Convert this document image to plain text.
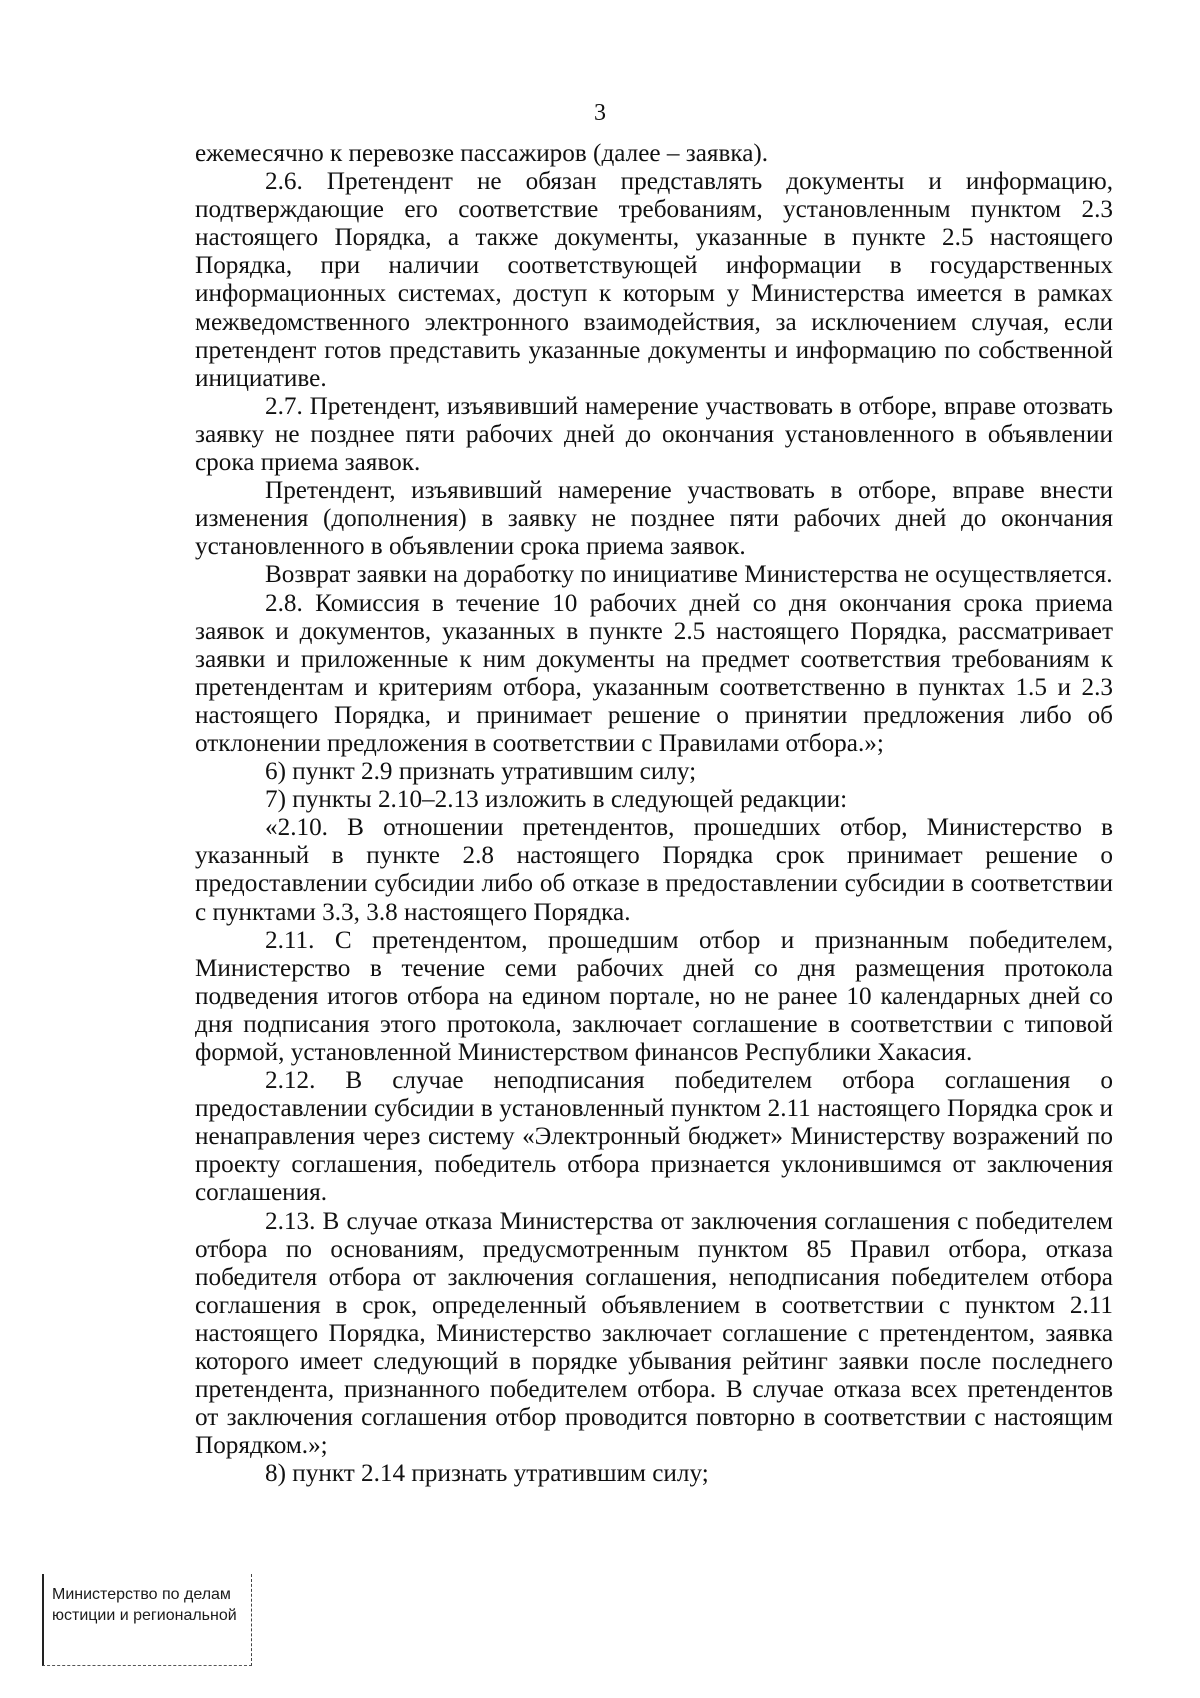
3

ежемесячно к перевозке пассажиров (далее – заявка).

2.6. Претендент не обязан представлять документы и информацию, подтверждающие его соответствие требованиям, установленным пунктом 2.3 настоящего Порядка, а также документы, указанные в пункте 2.5 настоящего Порядка, при наличии соответствующей информации в государственных информационных системах, доступ к которым у Министерства имеется в рамках межведомственного электронного взаимодействия, за исключением случая, если претендент готов представить указанные документы и информацию по собственной инициативе.

2.7. Претендент, изъявивший намерение участвовать в отборе, вправе отозвать заявку не позднее пяти рабочих дней до окончания установленного в объявлении срока приема заявок.

Претендент, изъявивший намерение участвовать в отборе, вправе внести изменения (дополнения) в заявку не позднее пяти рабочих дней до окончания установленного в объявлении срока приема заявок.

Возврат заявки на доработку по инициативе Министерства не осуществляется.

2.8. Комиссия в течение 10 рабочих дней со дня окончания срока приема заявок и документов, указанных в пункте 2.5 настоящего Порядка, рассматривает заявки и приложенные к ним документы на предмет соответствия требованиям к претендентам и критериям отбора, указанным соответственно в пунктах 1.5 и 2.3 настоящего Порядка, и принимает решение о принятии предложения либо об отклонении предложения в соответствии с Правилами отбора.»;

6) пункт 2.9 признать утратившим силу;

7) пункты 2.10–2.13 изложить в следующей редакции:

«2.10. В отношении претендентов, прошедших отбор, Министерство в указанный в пункте 2.8 настоящего Порядка срок принимает решение о предоставлении субсидии либо об отказе в предоставлении субсидии в соответствии с пунктами 3.3, 3.8 настоящего Порядка.

2.11. С претендентом, прошедшим отбор и признанным победителем, Министерство в течение семи рабочих дней со дня размещения протокола подведения итогов отбора на едином портале, но не ранее 10 календарных дней со дня подписания этого протокола, заключает соглашение в соответствии с типовой формой, установленной Министерством финансов Республики Хакасия.

2.12. В случае неподписания победителем отбора соглашения о предоставлении субсидии в установленный пунктом 2.11 настоящего Порядка срок и ненаправления через систему «Электронный бюджет» Министерству возражений по проекту соглашения, победитель отбора признается уклонившимся от заключения соглашения.

2.13. В случае отказа Министерства от заключения соглашения с победителем отбора по основаниям, предусмотренным пунктом 85 Правил отбора, отказа победителя отбора от заключения соглашения, неподписания победителем отбора соглашения в срок, определенный объявлением в соответствии с пунктом 2.11 настоящего Порядка, Министерство заключает соглашение с претендентом, заявка которого имеет следующий в порядке убывания рейтинг заявки после последнего претендента, признанного победителем отбора. В случае отказа всех претендентов от заключения соглашения отбор проводится повторно в соответствии с настоящим Порядком.»;

8) пункт 2.14 признать утратившим силу;

Министерство по делам
юстиции и региональной
